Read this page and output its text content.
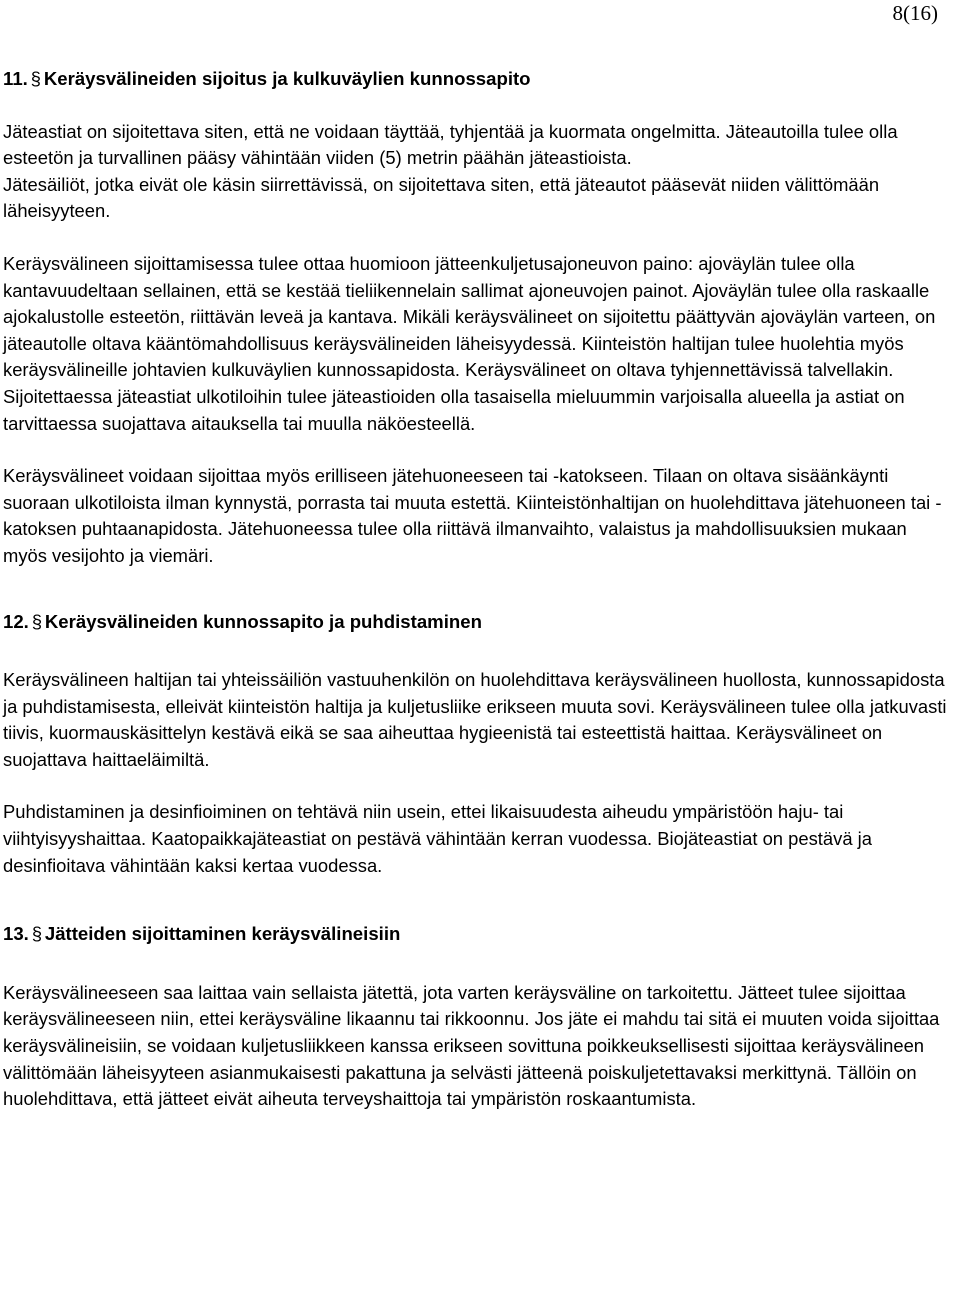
8(16)
11. § Keräysvälineiden sijoitus ja kulkuväylien kunnossapito

Jäteastiat on sijoitettava siten, että ne voidaan täyttää, tyhjentää ja kuormata ongelmitta. Jäteautoilla tulee olla esteetön ja turvallinen pääsy vähintään viiden (5) metrin päähän jäteastioista.

Jätesäiliöt, jotka eivät ole käsin siirrettävissä, on sijoitettava siten, että jäteautot pääsevät niiden välittömään läheisyyteen.

Keräysvälineen sijoittamisessa tulee ottaa huomioon jätteenkuljetusajoneuvon paino: ajoväylän tulee olla kantavuudeltaan sellainen, että se kestää tieliikennelain sallimat ajoneuvojen painot. Ajoväylän tulee olla raskaalle ajokalustolle esteetön, riittävän leveä ja kantava. Mikäli keräysvälineet on sijoitettu päättyvän ajoväylän varteen, on jäteautolle oltava kääntömahdollisuus keräysvälineiden läheisyydessä. Kiinteistön haltijan tulee huolehtia myös keräysvälineille johtavien kulkuväylien kunnossapidosta. Keräysvälineet on oltava tyhjennettävissä talvellakin.

Sijoitettaessa jäteastiat ulkotiloihin tulee jäteastioiden olla tasaisella mieluummin varjoisalla alueella ja astiat on tarvittaessa suojattava aitauksella tai muulla näköesteellä.

Keräysvälineet voidaan sijoittaa myös erilliseen jätehuoneeseen tai -katokseen. Tilaan on oltava sisäänkäynti suoraan ulkotiloista ilman kynnystä, porrasta tai muuta estettä. Kiinteistönhaltijan on huolehdittava jätehuoneen tai -katoksen puhtaanapidosta. Jätehuoneessa tulee olla riittävä ilmanvaihto, valaistus ja mahdollisuuksien mukaan myös vesijohto ja viemäri.

12. § Keräysvälineiden kunnossapito ja puhdistaminen

Keräysvälineen haltijan tai yhteissäiliön vastuuhenkilön on huolehdittava keräysvälineen huollosta, kunnossapidosta ja puhdistamisesta, elleivät kiinteistön haltija ja kuljetusliike erikseen muuta sovi. Keräysvälineen tulee olla jatkuvasti tiivis, kuormauskäsittelyn kestävä eikä se saa aiheuttaa hygieenistä tai esteettistä haittaa. Keräysvälineet on suojattava haittaeläimiltä.

Puhdistaminen ja desinfioiminen on tehtävä niin usein, ettei likaisuudesta aiheudu ympäristöön haju- tai viihtyisyyshaittaa. Kaatopaikkajäteastiat on pestävä vähintään kerran vuodessa. Biojäteastiat on pestävä ja desinfioitava vähintään kaksi kertaa vuodessa.

13. § Jätteiden sijoittaminen keräysvälineisiin

Keräysvälineeseen saa laittaa vain sellaista jätettä, jota varten keräysväline on tarkoitettu. Jätteet tulee sijoittaa keräysvälineeseen niin, ettei keräysväline likaannu tai rikkoonnu. Jos jäte ei mahdu tai sitä ei muuten voida sijoittaa keräysvälineisiin, se voidaan kuljetusliikkeen kanssa erikseen sovittuna poikkeuksellisesti sijoittaa keräysvälineen välittömään läheisyyteen asianmukaisesti pakattuna ja selvästi jätteenä poiskuljetettavaksi merkittynä. Tällöin on huolehdittava, että jätteet eivät aiheuta terveyshaittoja tai ympäristön roskaantumista.
